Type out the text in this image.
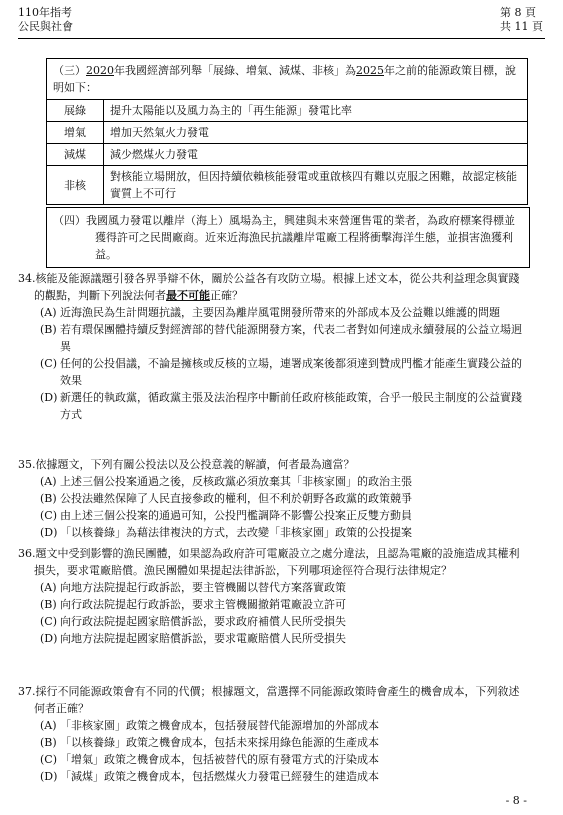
110年指考
公民與社會
第 8 頁
共 11 頁
（三）2020年我國經濟部列舉「展綠、增氣、減煤、非核」為2025年之前的能源政策目標，說明如下：	
展綠	提升太陽能以及風力為主的「再生能源」發電比率
增氣	增加天然氣火力發電
減煤	減少燃煤火力發電
非核	對核能立場開放，但因持續依賴核能發電或重啟核四有難以克服之困難，故認定核能實質上不可行
（四）我國風力發電以離岸（海上）風場為主，興建與未來營運售電的業者，為政府標案得標並獲得許可之民間廠商。近來近海漁民抗議離岸電廠工程將衝擊海洋生態，並損害漁獲利益。
34.核能及能源議題引發各界爭辯不休，關於公益各有攻防立場。根據上述文本，從公共利益理念與實踐的觀點，判斷下列說法何者最不可能正確？
(A) 近海漁民為生計問題抗議，主要因為離岸風電開發所帶來的外部成本及公益難以維護的問題
(B) 若有環保團體持續反對經濟部的替代能源開發方案，代表二者對如何達成永續發展的公益立場迥異
(C) 任何的公投倡議，不論是擁核或反核的立場，連署成案後都須達到贊成門檻才能產生實踐公益的效果
(D) 新選任的執政黨，循政黨主張及法治程序中斷前任政府核能政策，合乎一般民主制度的公益實踐方式
35.依據題文，下列有關公投法以及公投意義的解讀，何者最為適當？
(A) 上述三個公投案通過之後，反核政黨必須放棄其「非核家園」的政治主張
(B) 公投法雖然保障了人民直接參政的權利，但不利於朝野各政黨的政策競爭
(C) 由上述三個公投案的通過可知，公投門檻調降不影響公投案正反雙方動員
(D) 「以核養綠」為藉法律複決的方式，去改變「非核家園」政策的公投提案
36.題文中受到影響的漁民團體，如果認為政府許可電廠設立之處分違法，且認為電廠的設施造成其權利損失，要求電廠賠償。漁民團體如果提起法律訴訟，下列哪項途徑符合現行法律規定？
(A) 向地方法院提起行政訴訟，要主管機關以替代方案落實政策
(B) 向行政法院提起行政訴訟，要求主管機關撤銷電廠設立許可
(C) 向行政法院提起國家賠償訴訟，要求政府補償人民所受損失
(D) 向地方法院提起國家賠償訴訟，要求電廠賠償人民所受損失
37.採行不同能源政策會有不同的代價；根據題文，當選擇不同能源政策時會產生的機會成本，下列敘述何者正確？
(A) 「非核家園」政策之機會成本，包括發展替代能源增加的外部成本
(B) 「以核養綠」政策之機會成本，包括未來採用綠色能源的生產成本
(C) 「增氣」政策之機會成本，包括被替代的原有發電方式的汙染成本
(D) 「減煤」政策之機會成本，包括燃煤火力發電已經發生的建造成本
- 8 -
